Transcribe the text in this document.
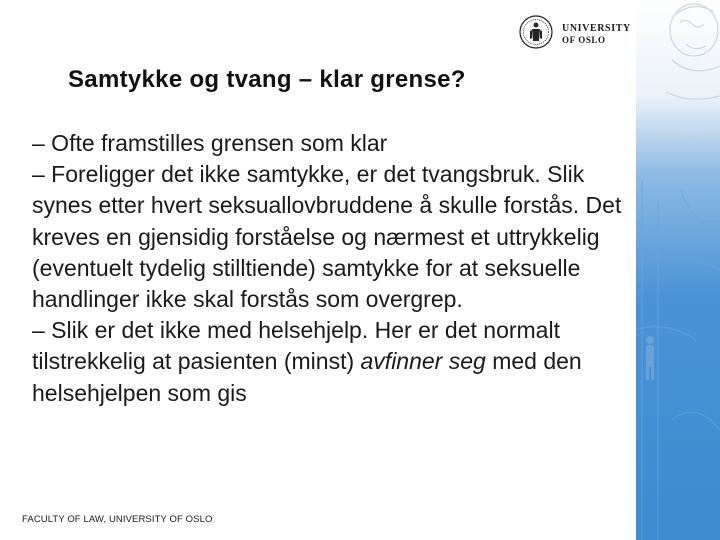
UNIVERSITY
OF OSLO
Samtykke og tvang – klar grense?

– Ofte framstilles grensen som klar

– Foreligger det ikke samtykke, er det tvangsbruk. Slik synes etter hvert seksuallovbruddene å skulle forstås. Det kreves en gjensidig forståelse og nærmest et uttrykkelig (eventuelt tydelig stilltiende) samtykke for at seksuelle handlinger ikke skal forstås som overgrep.

– Slik er det ikke med helsehjelp. Her er det normalt tilstrekkelig at pasienten (minst) avfinner seg med den helsehjelpen som gis

FACULTY OF LAW, UNIVERSITY OF OSLO
